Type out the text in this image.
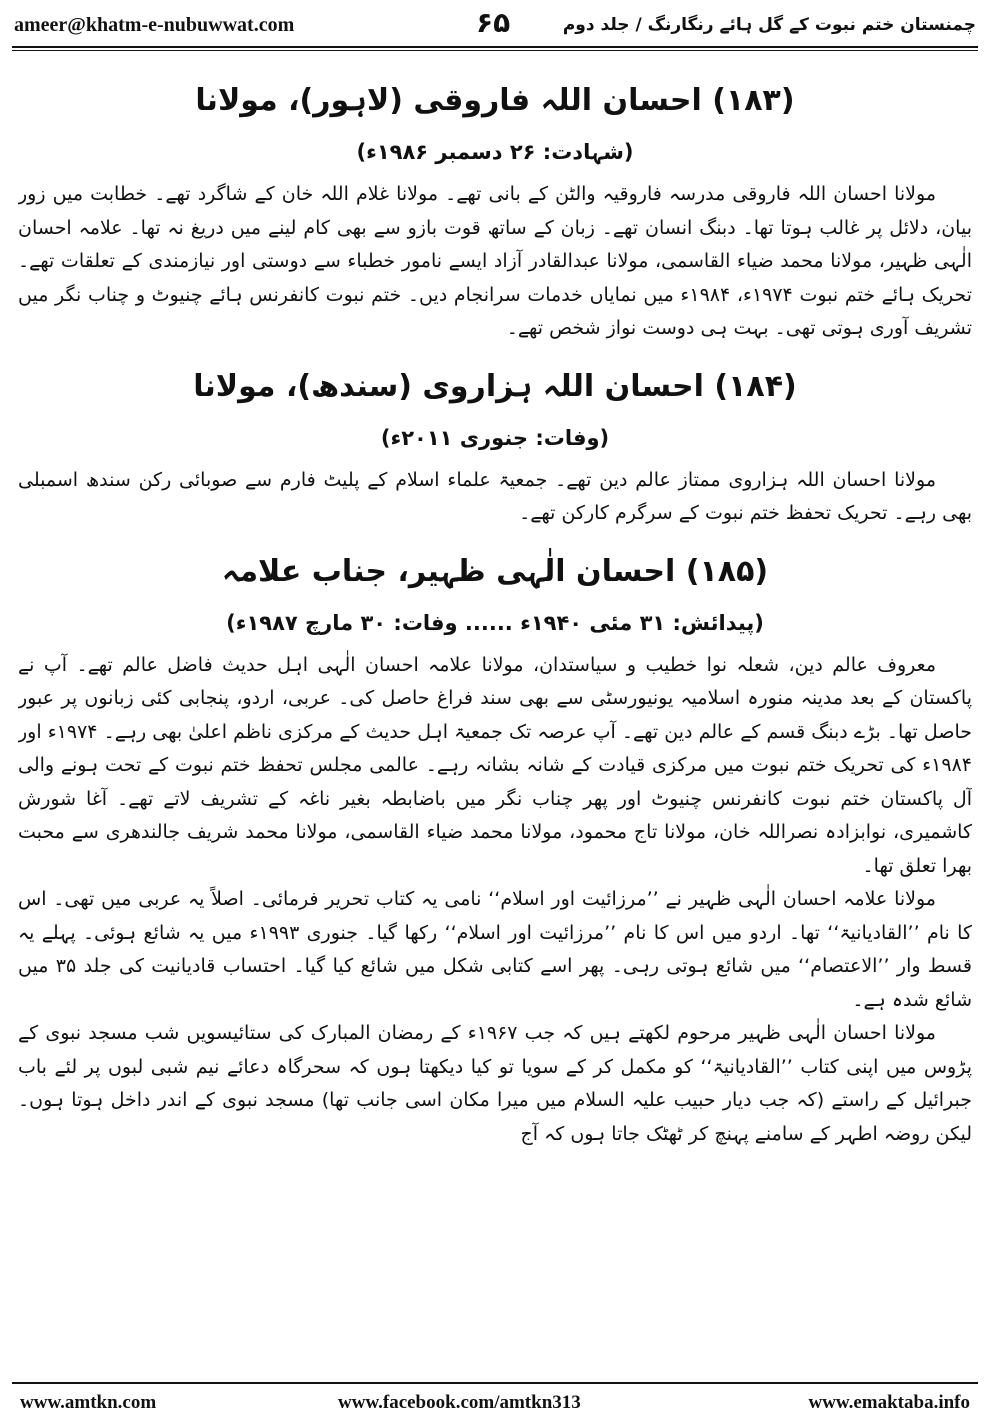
ameer@khatm-e-nubuwwat.com	۶۵	چمنستان ختم نبوت کے گل ہائے رنگارنگ / جلد دوم
(۱۸۳) احسان اللہ فاروقی (لاہور)، مولانا
(شہادت: ۲۶ دسمبر ۱۹۸۶ء)

مولانا احسان اللہ فاروقی مدرسہ فاروقیہ والٹن کے بانی تھے۔ مولانا غلام اللہ خان کے شاگرد تھے۔ خطابت میں زور بیان، دلائل پر غالب ہوتا تھا۔ دبنگ انسان تھے۔ زبان کے ساتھ قوت بازو سے بھی کام لینے میں دریغ نہ تھا۔ علامہ احسان الٰہی ظہیر، مولانا محمد ضیاء القاسمی، مولانا عبدالقادر آزاد ایسے نامور خطباء سے دوستی اور نیازمندی کے تعلقات تھے۔ تحریک ہائے ختم نبوت ۱۹۷۴ء، ۱۹۸۴ء میں نمایاں خدمات سرانجام دیں۔ ختم نبوت کانفرنس ہائے چنیوٹ و چناب نگر میں تشریف آوری ہوتی تھی۔ بہت ہی دوست نواز شخص تھے۔

(۱۸۴) احسان اللہ ہزاروی (سندھ)، مولانا
(وفات: جنوری ۲۰۱۱ء)

مولانا احسان اللہ ہزاروی ممتاز عالم دین تھے۔ جمعیۃ علماء اسلام کے پلیٹ فارم سے صوبائی رکن سندھ اسمبلی بھی رہے۔ تحریک تحفظ ختم نبوت کے سرگرم کارکن تھے۔

(۱۸۵) احسان الٰہی ظہیر، جناب علامہ
(پیدائش: ۳۱ مئی ۱۹۴۰ء ...... وفات: ۳۰ مارچ ۱۹۸۷ء)

معروف عالم دین، شعلہ نوا خطیب و سیاستدان، مولانا علامہ احسان الٰہی اہل حدیث فاضل عالم تھے۔ آپ نے پاکستان کے بعد مدینہ منورہ اسلامیہ یونیورسٹی سے بھی سند فراغ حاصل کی۔ عربی، اردو، پنجابی کئی زبانوں پر عبور حاصل تھا۔ بڑے دبنگ قسم کے عالم دین تھے۔ آپ عرصہ تک جمعیۃ اہل حدیث کے مرکزی ناظم اعلیٰ بھی رہے۔ ۱۹۷۴ء اور ۱۹۸۴ء کی تحریک ختم نبوت میں مرکزی قیادت کے شانہ بشانہ رہے۔ عالمی مجلس تحفظ ختم نبوت کے تحت ہونے والی آل پاکستان ختم نبوت کانفرنس چنیوٹ اور پھر چناب نگر میں باضابطہ بغیر ناغہ کے تشریف لاتے تھے۔ آغا شورش کاشمیری، نوابزادہ نصراللہ خان، مولانا تاج محمود، مولانا محمد ضیاء القاسمی، مولانا محمد شریف جالندھری سے محبت بھرا تعلق تھا۔

مولانا علامہ احسان الٰہی ظہیر نے ’’مرزائیت اور اسلام‘‘ نامی یہ کتاب تحریر فرمائی۔ اصلاً یہ عربی میں تھی۔ اس کا نام ’’القادیانیۃ‘‘ تھا۔ اردو میں اس کا نام ’’مرزائیت اور اسلام‘‘ رکھا گیا۔ جنوری ۱۹۹۳ء میں یہ شائع ہوئی۔ پہلے یہ قسط وار ’’الاعتصام‘‘ میں شائع ہوتی رہی۔ پھر اسے کتابی شکل میں شائع کیا گیا۔ احتساب قادیانیت کی جلد ۳۵ میں شائع شدہ ہے۔

مولانا احسان الٰہی ظہیر مرحوم لکھتے ہیں کہ جب ۱۹۶۷ء کے رمضان المبارک کی ستائیسویں شب مسجد نبوی کے پڑوس میں اپنی کتاب ’’القادیانیۃ‘‘ کو مکمل کر کے سویا تو کیا دیکھتا ہوں کہ سحرگاہ دعائے نیم شبی لبوں پر لئے باب جبرائیل کے راستے (کہ جب دیار حبیب علیہ السلام میں میرا مکان اسی جانب تھا) مسجد نبوی کے اندر داخل ہوتا ہوں۔ لیکن روضہ اطہر کے سامنے پہنچ کر ٹھٹک جاتا ہوں کہ آج

www.amtkn.com	www.facebook.com/amtkn313	www.emaktaba.info
